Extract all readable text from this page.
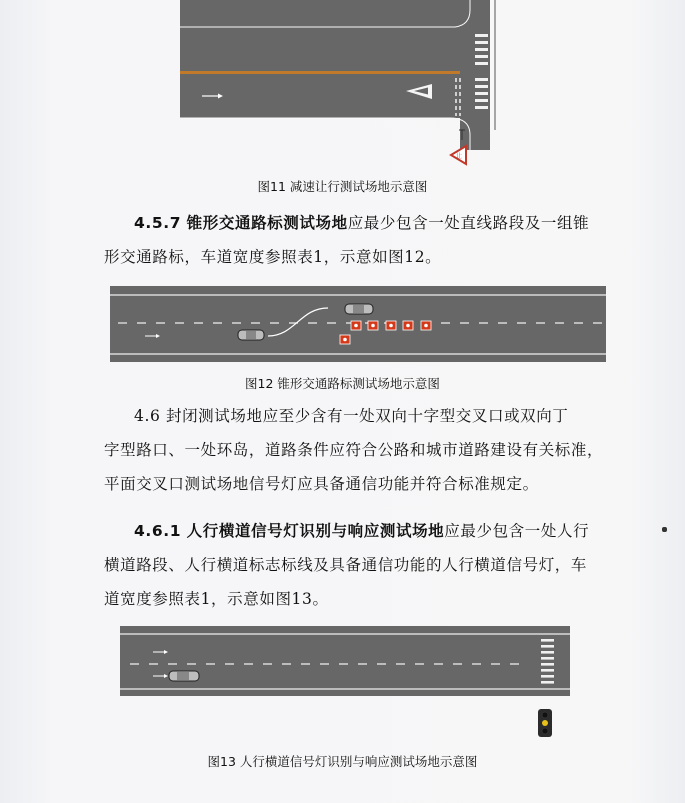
让
图11 减速让行测试场地示意图
4.5.7 锥形交通路标测试场地应最少包含一处直线路段及一组锥
形交通路标，车道宽度参照表1，示意如图12。
图12 锥形交通路标测试场地示意图
4.6 封闭测试场地应至少含有一处双向十字型交叉口或双向丁
字型路口、一处环岛，道路条件应符合公路和城市道路建设有关标准，
平面交叉口测试场地信号灯应具备通信功能并符合标准规定。
4.6.1 人行横道信号灯识别与响应测试场地应最少包含一处人行
横道路段、人行横道标志标线及具备通信功能的人行横道信号灯，车
道宽度参照表1，示意如图13。
图13 人行横道信号灯识别与响应测试场地示意图
